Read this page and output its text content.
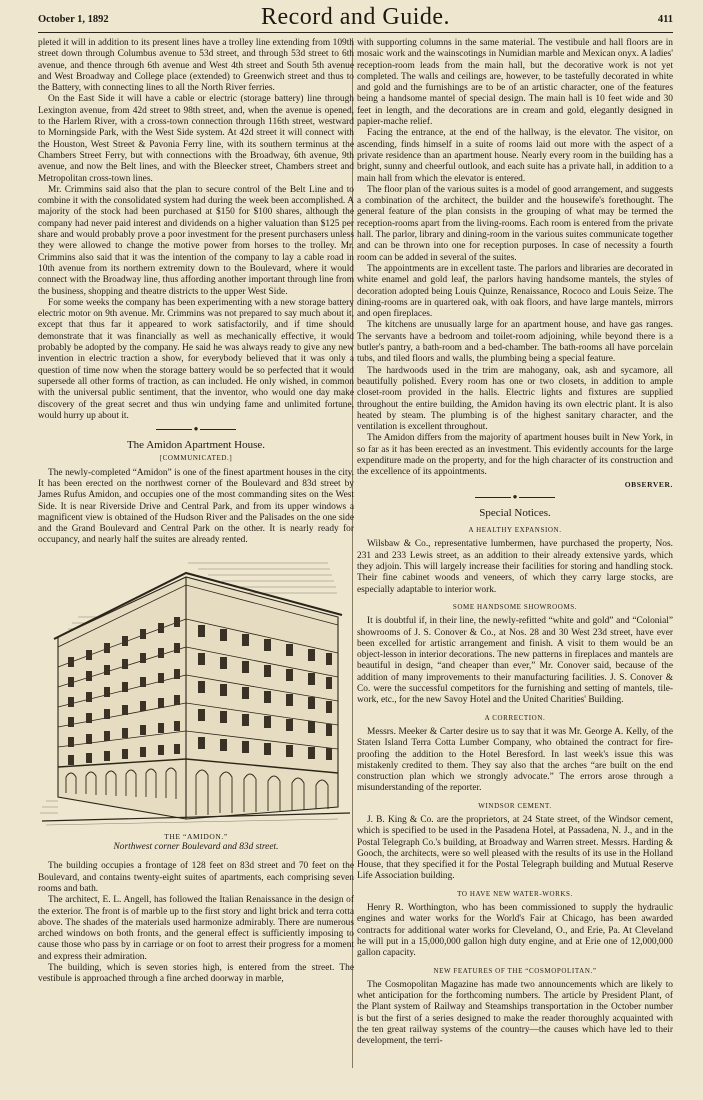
October 1, 1892	Record and Guide.	411

pleted it will in addition to its present lines have a trolley line extending from 109th street down through Columbus avenue to 53d street, and through 53d street to 6th avenue, and thence through 6th avenue and West 4th street and South 5th avenue and West Broadway and College place (extended) to Greenwich street and thus to the Battery, with connecting lines to all the North River ferries.

On the East Side it will have a cable or electric (storage battery) line through Lexington avenue, from 42d street to 98th street, and, when the avenue is opened, to the Harlem River, with a cross-town connection through 116th street, westward to Morningside Park, with the West Side system. At 42d street it will connect with the Houston, West Street & Pavonia Ferry line, with its southern terminus at the Chambers Street Ferry, but with connections with the Broadway, 6th avenue, 9th avenue, and now the Belt lines, and with the Bleecker street, Chambers street and Metropolitan cross-town lines.

Mr. Crimmins said also that the plan to secure control of the Belt Line and to combine it with the consolidated system had during the week been accomplished. A majority of the stock had been purchased at $150 for $100 shares, although the company had never paid interest and dividends on a higher valuation than $125 per share and would probably prove a poor investment for the present purchasers unless they were allowed to change the motive power from horses to the trolley. Mr. Crimmins also said that it was the intention of the company to lay a cable road in 10th avenue from its northern extremity down to the Boulevard, where it would connect with the Broadway line, thus affording another important through line from the business, shopping and theatre districts to the upper West Side.

For some weeks the company has been experimenting with a new storage battery electric motor on 9th avenue. Mr. Crimmins was not prepared to say much about it, except that thus far it appeared to work satisfactorily, and if time should demonstrate that it was financially as well as mechanically effective, it would probably be adopted by the company. He said he was always ready to give any new invention in electric traction a show, for everybody believed that it was only a question of time now when the storage battery would be so perfected that it would supersede all other forms of traction, as can included. He only wished, in common with the universal public sentiment, that the inventor, who would one day make discovery of the great secret and thus win undying fame and unlimited fortune, would hurry up about it.

●
The Amidon Apartment House.
[COMMUNICATED.]

The newly-completed “Amidon” is one of the finest apartment houses in the city. It has been erected on the northwest corner of the Boulevard and 83d street by James Rufus Amidon, and occupies one of the most commanding sites on the West Side. It is near Riverside Drive and Central Park, and from its upper windows a magnificent view is obtained of the Hudson River and the Palisades on the one side and the Grand Boulevard and Central Park on the other. It is nearly ready for occupancy, and nearly half the suites are already rented.

THE “AMIDON.”
Northwest corner Boulevard and 83d street.

The building occupies a frontage of 128 feet on 83d street and 70 feet on the Boulevard, and contains twenty-eight suites of apartments, each comprising seven rooms and bath.

The architect, E. L. Angell, has followed the Italian Renaissance in the design of the exterior. The front is of marble up to the first story and light brick and terra cotta above. The shades of the materials used harmonize admirably. There are numerous arched windows on both fronts, and the general effect is sufficiently imposing to cause those who pass by in carriage or on foot to arrest their progress for a moment and express their admiration.

The building, which is seven stories high, is entered from the street. The vestibule is approached through a fine arched doorway in marble,

with supporting columns in the same material. The vestibule and hall floors are in mosaic work and the wainscotings in Numidian marble and Mexican onyx. A ladies' reception-room leads from the main hall, but the decorative work is not yet completed. The walls and ceilings are, however, to be tastefully decorated in white and gold and the furnishings are to be of an artistic character, one of the features being a handsome mantel of special design. The main hall is 10 feet wide and 30 feet in length, and the decorations are in cream and gold, elegantly designed in papier-mache relief.

Facing the entrance, at the end of the hallway, is the elevator. The visitor, on ascending, finds himself in a suite of rooms laid out more with the aspect of a private residence than an apartment house. Nearly every room in the building has a bright, sunny and cheerful outlook, and each suite has a private hall, in addition to a main hall from which the elevator is entered.

The floor plan of the various suites is a model of good arrangement, and suggests a combination of the architect, the builder and the housewife's forethought. The general feature of the plan consists in the grouping of what may be termed the reception-rooms apart from the living-rooms. Each room is entered from the private hall. The parlor, library and dining-room in the various suites communicate together and can be thrown into one for reception purposes. In case of necessity a fourth room can be added in several of the suites.

The appointments are in excellent taste. The parlors and libraries are decorated in white enamel and gold leaf, the parlors having handsome mantels, the styles of decoration adopted being Louis Quinze, Renaissance, Rococo and Louis Seize. The dining-rooms are in quartered oak, with oak floors, and have large mantels, mirrors and open fireplaces.

The kitchens are unusually large for an apartment house, and have gas ranges. The servants have a bedroom and toilet-room adjoining, while beyond there is a butler's pantry, a bath-room and a bed-chamber. The bath-rooms all have porcelain tubs, and tiled floors and walls, the plumbing being a special feature.

The hardwoods used in the trim are mahogany, oak, ash and sycamore, all beautifully polished. Every room has one or two closets, in addition to ample closet-room provided in the halls. Electric lights and fixtures are supplied throughout the entire building, the Amidon having its own electric plant. It is also heated by steam. The plumbing is of the highest sanitary character, and the ventilation is excellent throughout.

The Amidon differs from the majority of apartment houses built in New York, in so far as it has been erected as an investment. This evidently accounts for the large expenditure made on the property, and for the high character of its construction and the excellence of its appointments.

OBSERVER.
●
Special Notices.
A HEALTHY EXPANSION.

Wilsbaw & Co., representative lumbermen, have purchased the property, Nos. 231 and 233 Lewis street, as an addition to their already extensive yards, which they adjoin. This will largely increase their facilities for storing and handling stock. Their fine cabinet woods and veneers, of which they carry large stocks, are especially adaptable to interior work.

SOME HANDSOME SHOWROOMS.

It is doubtful if, in their line, the newly-refitted “white and gold” and “Colonial” showrooms of J. S. Conover & Co., at Nos. 28 and 30 West 23d street, have ever been excelled for artistic arrangement and finish. A visit to them would be an object-lesson in interior decorations. The new patterns in fireplaces and mantels are beautiful in design, “and cheaper than ever,” Mr. Conover said, because of the addition of many improvements to their manufacturing facilities. J. S. Conover & Co. were the successful competitors for the furnishing and setting of mantels, tile-work, etc., for the new Savoy Hotel and the United Charities' Building.

A CORRECTION.

Messrs. Meeker & Carter desire us to say that it was Mr. George A. Kelly, of the Staten Island Terra Cotta Lumber Company, who obtained the contract for fire-proofing the addition to the Hotel Beresford. In last week's issue this was mistakenly credited to them. They say also that the arches “are built on the end construction plan which we strongly advocate.” The errors arose through a misunderstanding of the reporter.

WINDSOR CEMENT.

J. B. King & Co. are the proprietors, at 24 State street, of the Windsor cement, which is specified to be used in the Pasadena Hotel, at Passadena, N. J., and in the Postal Telegraph Co.'s building, at Broadway and Warren street. Messrs. Harding & Gooch, the architects, were so well pleased with the results of its use in the Holland House, that they specified it for the Postal Telegraph building and Mutual Reserve Life Association building.

TO HAVE NEW WATER-WORKS.

Henry R. Worthington, who has been commissioned to supply the hydraulic engines and water works for the World's Fair at Chicago, has been awarded contracts for additional water works for Cleveland, O., and Erie, Pa. At Cleveland he will put in a 15,000,000 gallon high duty engine, and at Erie one of 12,000,000 gallon capacity.

NEW FEATURES OF THE “COSMOPOLITAN.”

The Cosmopolitan Magazine has made two announcements which are likely to whet anticipation for the forthcoming numbers. The article by President Plant, of the Plant system of Railway and Steamships transportation in the October number is but the first of a series designed to make the reader thoroughly acquainted with the ten great railway systems of the country—the causes which have led to their development, the terri-
